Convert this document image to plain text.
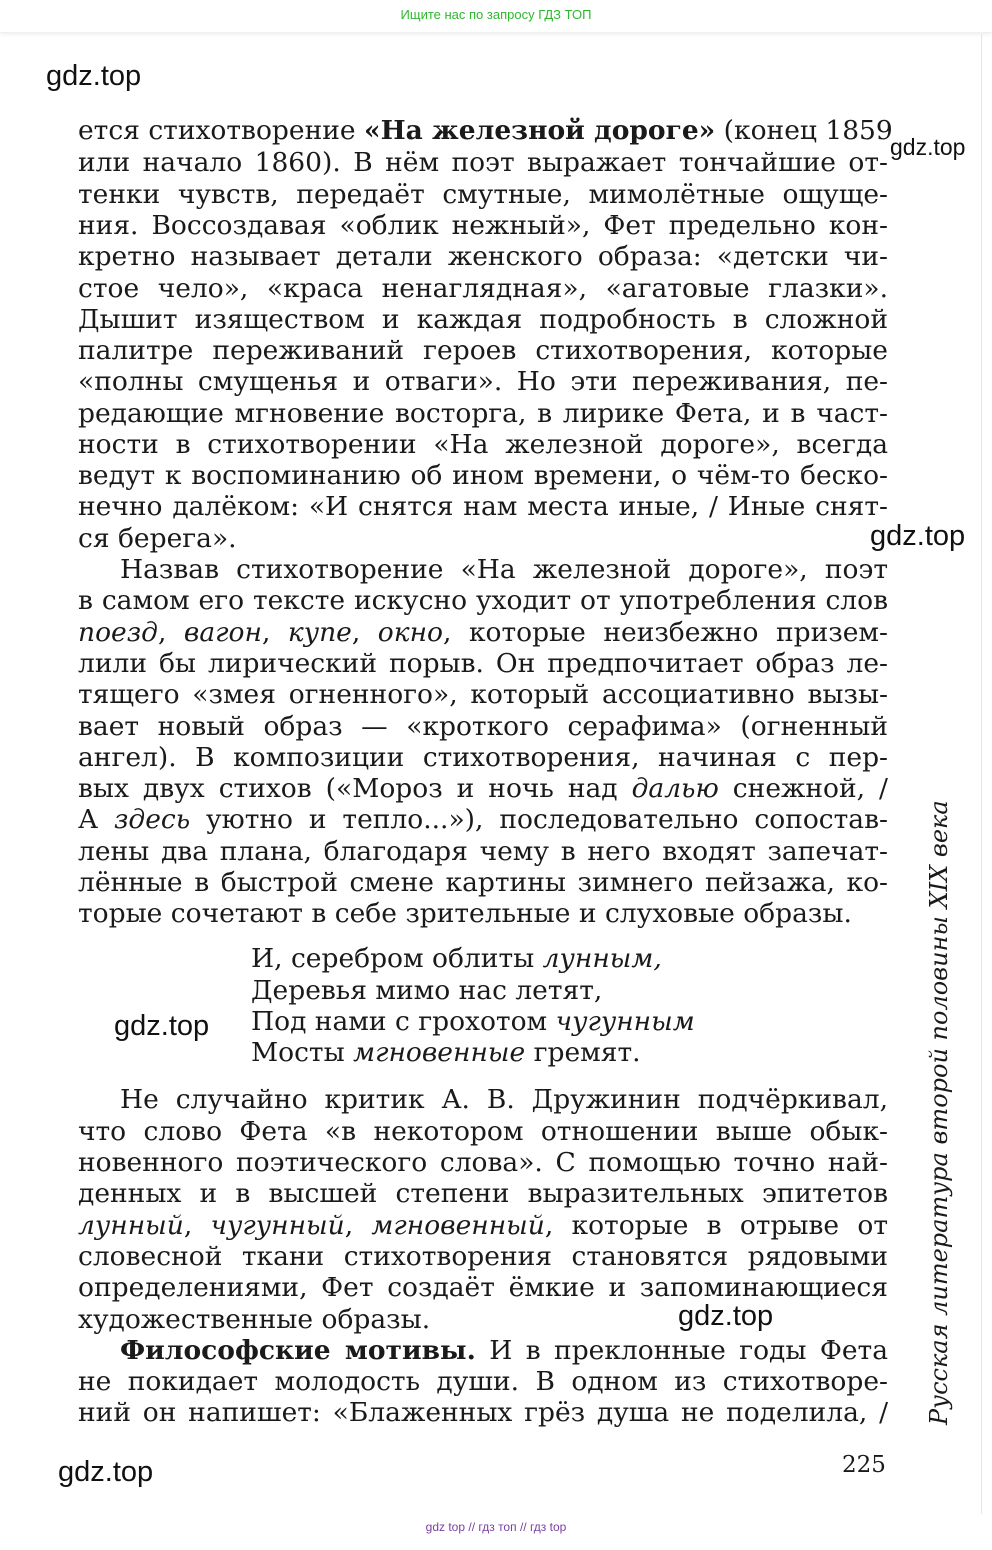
Ищите нас по запросу ГДЗ ТОП
gdz.top
gdz.top
gdz.top
gdz.top
gdz.top
gdz.top
ется стихотворение «На железной дороге» (конец 1859
или начало 1860). В нём поэт выражает тончайшие от-
тенки чувств, передаёт смутные, мимолётные ощуще-
ния. Воссоздавая «облик нежный», Фет предельно кон-
кретно называет детали женского образа: «детски чи-
стое чело», «краса ненаглядная», «агатовые глазки».
Дышит изяществом и каждая подробность в сложной
палитре переживаний героев стихотворения, которые
«полны смущенья и отваги». Но эти переживания, пе-
редающие мгновение восторга, в лирике Фета, и в част-
ности в стихотворении «На железной дороге», всегда
ведут к воспоминанию об ином времени, о чём-то беско-
нечно далёком: «И снятся нам места иные, / Иные снят-
ся берега».
Назвав стихотворение «На железной дороге», поэт
в самом его тексте искусно уходит от употребления слов
поезд, вагон, купе, окно, которые неизбежно призем-
лили бы лирический порыв. Он предпочитает образ ле-
тящего «змея огненного», который ассоциативно вызы-
вает новый образ — «кроткого серафима» (огненный
ангел). В композиции стихотворения, начиная с пер-
вых двух стихов («Мороз и ночь над далью снежной, /
А здесь уютно и тепло...»), последовательно сопостав-
лены два плана, благодаря чему в него входят запечат-
лённые в быстрой смене картины зимнего пейзажа, ко-
торые сочетают в себе зрительные и слуховые образы.
И, серебром облиты лунным,
Деревья мимо нас летят,
Под нами с грохотом чугунным
Мосты мгновенные гремят.
Не случайно критик А. В. Дружинин подчёркивал,
что слово Фета «в некотором отношении выше обык-
новенного поэтического слова». С помощью точно най-
денных и в высшей степени выразительных эпитетов
лунный, чугунный, мгновенный, которые в отрыве от
словесной ткани стихотворения становятся рядовыми
определениями, Фет создаёт ёмкие и запоминающиеся
художественные образы.
Философские мотивы. И в преклонные годы Фета
не покидает молодость души. В одном из стихотворе-
ний он напишет: «Блаженных грёз душа не поделила, /
225
Русская литература второй половины XIX века
gdz top // гдз топ // гдз top
